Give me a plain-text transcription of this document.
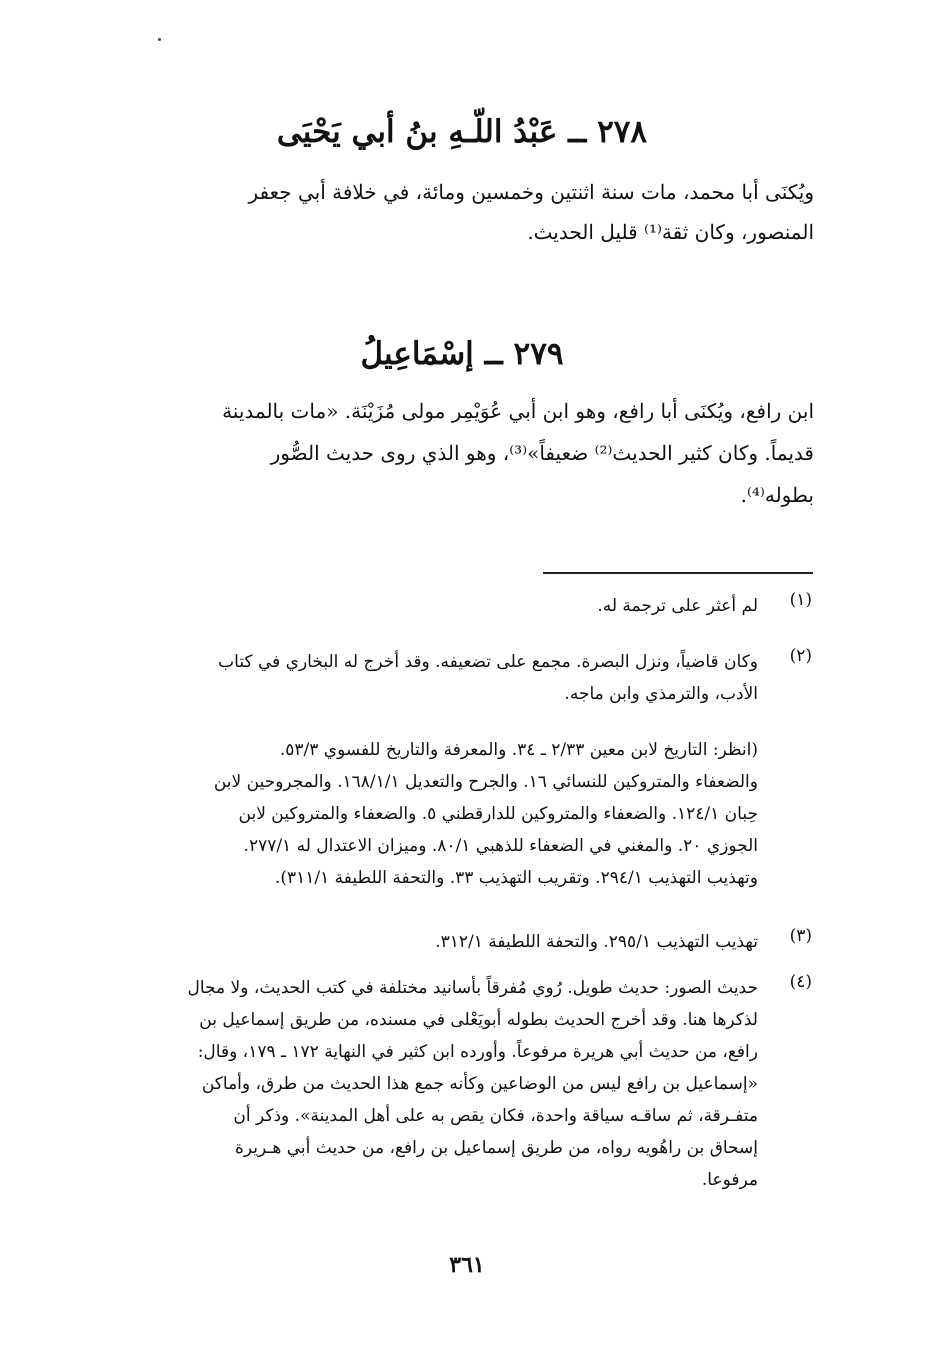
٢٧٨ ــ عَبْدُ اللّـهِ بنُ أبي يَحْيَى
ويُكنَى أبا محمد، مات سنة اثنتين وخمسين ومائة، في خلافة أبي جعفر
المنصور، وكان ثقة⁽¹⁾ قليل الحديث.
٢٧٩ ــ إسْمَاعِيلُ
ابن رافع، ويُكنَى أبا رافع، وهو ابن أبي عُوَيْمِر مولى مُزَيْنَة. «مات بالمدينة
قديماً. وكان كثير الحديث⁽²⁾ ضعيفاً»⁽³⁾، وهو الذي روى حديث الصُّور
بطوله⁽⁴⁾.
(١)
لم أعثر على ترجمة له.
(٢)
وكان قاضياً، ونزل البصرة. مجمع على تضعيفه. وقد أخرج له البخاري في كتاب
الأدب، والترمذي وابن ماجه.
(انظر: التاريخ لابن معين ٢/٣٣ ـ ٣٤. والمعرفة والتاريخ للفسوي ٥٣/٣.
والضعفاء والمتروكين للنسائي ١٦. والجرح والتعديل ١٦٨/١/١. والمجروحين لابن
حِبان ١٢٤/١. والضعفاء والمتروكين للدارقطني ٥. والضعفاء والمتروكين لابن
الجوزي ٢٠. والمغني في الضعفاء للذهبي ٨٠/١. وميزان الاعتدال له ٢٧٧/١.
وتهذيب التهذيب ٢٩٤/١. وتقريب التهذيب ٣٣. والتحفة اللطيفة ٣١١/١).
(٣)
تهذيب التهذيب ٢٩٥/١. والتحفة اللطيفة ٣١٢/١.
(٤)
حديث الصور: حديث طويل. رُوي مُفرقاً بأسانيد مختلفة في كتب الحديث، ولا مجال
لذكرها هنا. وقد أخرج الحديث بطوله أبويَعْلى في مسنده، من طريق إسماعيل بن
رافع، من حديث أبي هريرة مرفوعاً. وأورده ابن كثير في النهاية ١٧٢ ـ ١٧٩، وقال:
«إسماعيل بن رافع ليس من الوضاعين وكأنه جمع هذا الحديث من طرق، وأماكن
متفـرقة، ثم ساقـه سياقة واحدة، فكان يقص به على أهل المدينة». وذكر أن
إسحاق بن راهُويه رواه، من طريق إسماعيل بن رافع، من حديث أبي هـريرة
مرفوعا.
٣٦١
